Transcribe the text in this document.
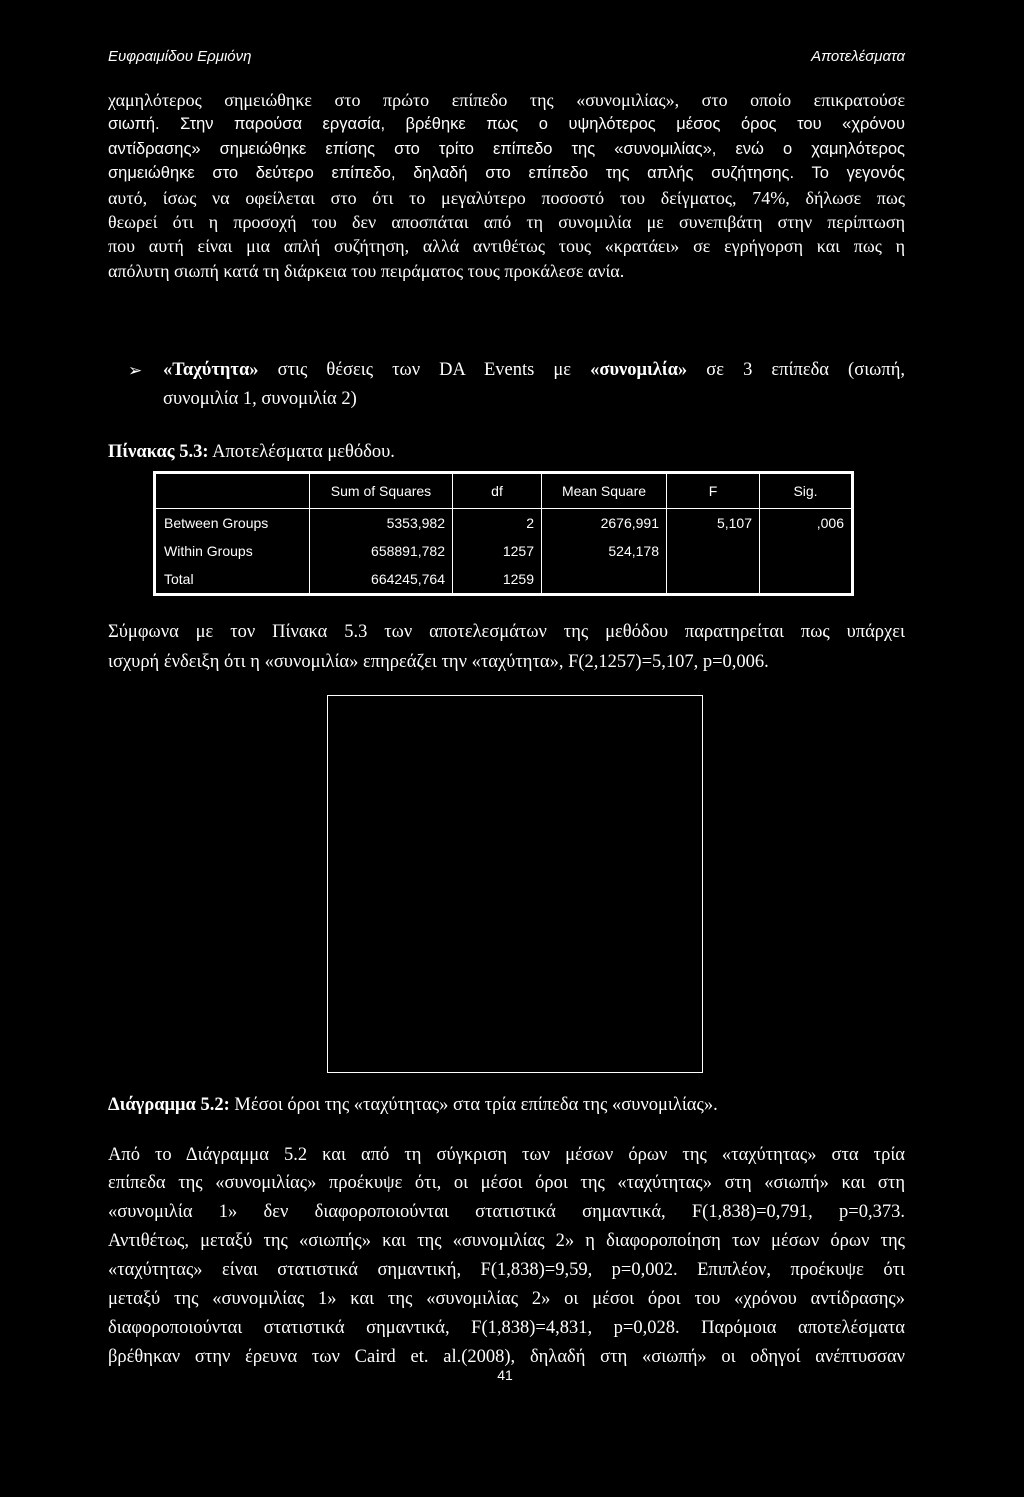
Ευφραιμίδου Ερμιόνη	Αποτελέσματα
χαμηλότερος σημειώθηκε στο πρώτο επίπεδο της «συνομιλίας», στο οποίο επικρατούσε
σιωπή. Στην παρούσα εργασία, βρέθηκε πως ο υψηλότερος μέσος όρος του «χρόνου
αντίδρασης» σημειώθηκε επίσης στο τρίτο επίπεδο της «συνομιλίας», ενώ ο χαμηλότερος
σημειώθηκε στο δεύτερο επίπεδο, δηλαδή στο επίπεδο της απλής συζήτησης. Το γεγονός
αυτό, ίσως να οφείλεται στο ότι το μεγαλύτερο ποσοστό του δείγματος, 74%, δήλωσε πως
θεωρεί ότι η προσοχή του δεν αποσπάται από τη συνομιλία με συνεπιβάτη στην περίπτωση
που αυτή είναι μια απλή συζήτηση, αλλά αντιθέτως τους «κρατάει» σε εγρήγορση και πως η
απόλυτη σιωπή κατά τη διάρκεια του πειράματος τους προκάλεσε ανία.
➢ «Ταχύτητα» στις θέσεις των DA Events με «συνομιλία» σε 3 επίπεδα (σιωπή,
συνομιλία 1, συνομιλία 2)
Πίνακας 5.3: Αποτελέσματα μεθόδου.
	Sum of Squares	df	Mean Square	F	Sig.
Between Groups	5353,982	2	2676,991	5,107	,006
Within Groups	658891,782	1257	524,178		
Total	664245,764	1259			
Σύμφωνα με τον Πίνακα 5.3 των αποτελεσμάτων της μεθόδου παρατηρείται πως υπάρχει
ισχυρή ένδειξη ότι η «συνομιλία» επηρεάζει την «ταχύτητα», F(2,1257)=5,107, p=0,006.
Διάγραμμα 5.2: Μέσοι όροι της «ταχύτητας» στα τρία επίπεδα της «συνομιλίας».
Από το Διάγραμμα 5.2 και από τη σύγκριση των μέσων όρων της «ταχύτητας» στα τρία
επίπεδα της «συνομιλίας» προέκυψε ότι, οι μέσοι όροι της «ταχύτητας» στη «σιωπή» και στη
«συνομιλία 1» δεν διαφοροποιούνται στατιστικά σημαντικά, F(1,838)=0,791, p=0,373.
Αντιθέτως, μεταξύ της «σιωπής» και της «συνομιλίας 2» η διαφοροποίηση των μέσων όρων της
«ταχύτητας» είναι στατιστικά σημαντική, F(1,838)=9,59, p=0,002. Επιπλέον, προέκυψε ότι
μεταξύ της «συνομιλίας 1» και της «συνομιλίας 2» οι μέσοι όροι του «χρόνου αντίδρασης»
διαφοροποιούνται στατιστικά σημαντικά, F(1,838)=4,831, p=0,028. Παρόμοια αποτελέσματα
βρέθηκαν στην έρευνα των Caird et. al.(2008), δηλαδή στη «σιωπή» οι οδηγοί ανέπτυσσαν
41
